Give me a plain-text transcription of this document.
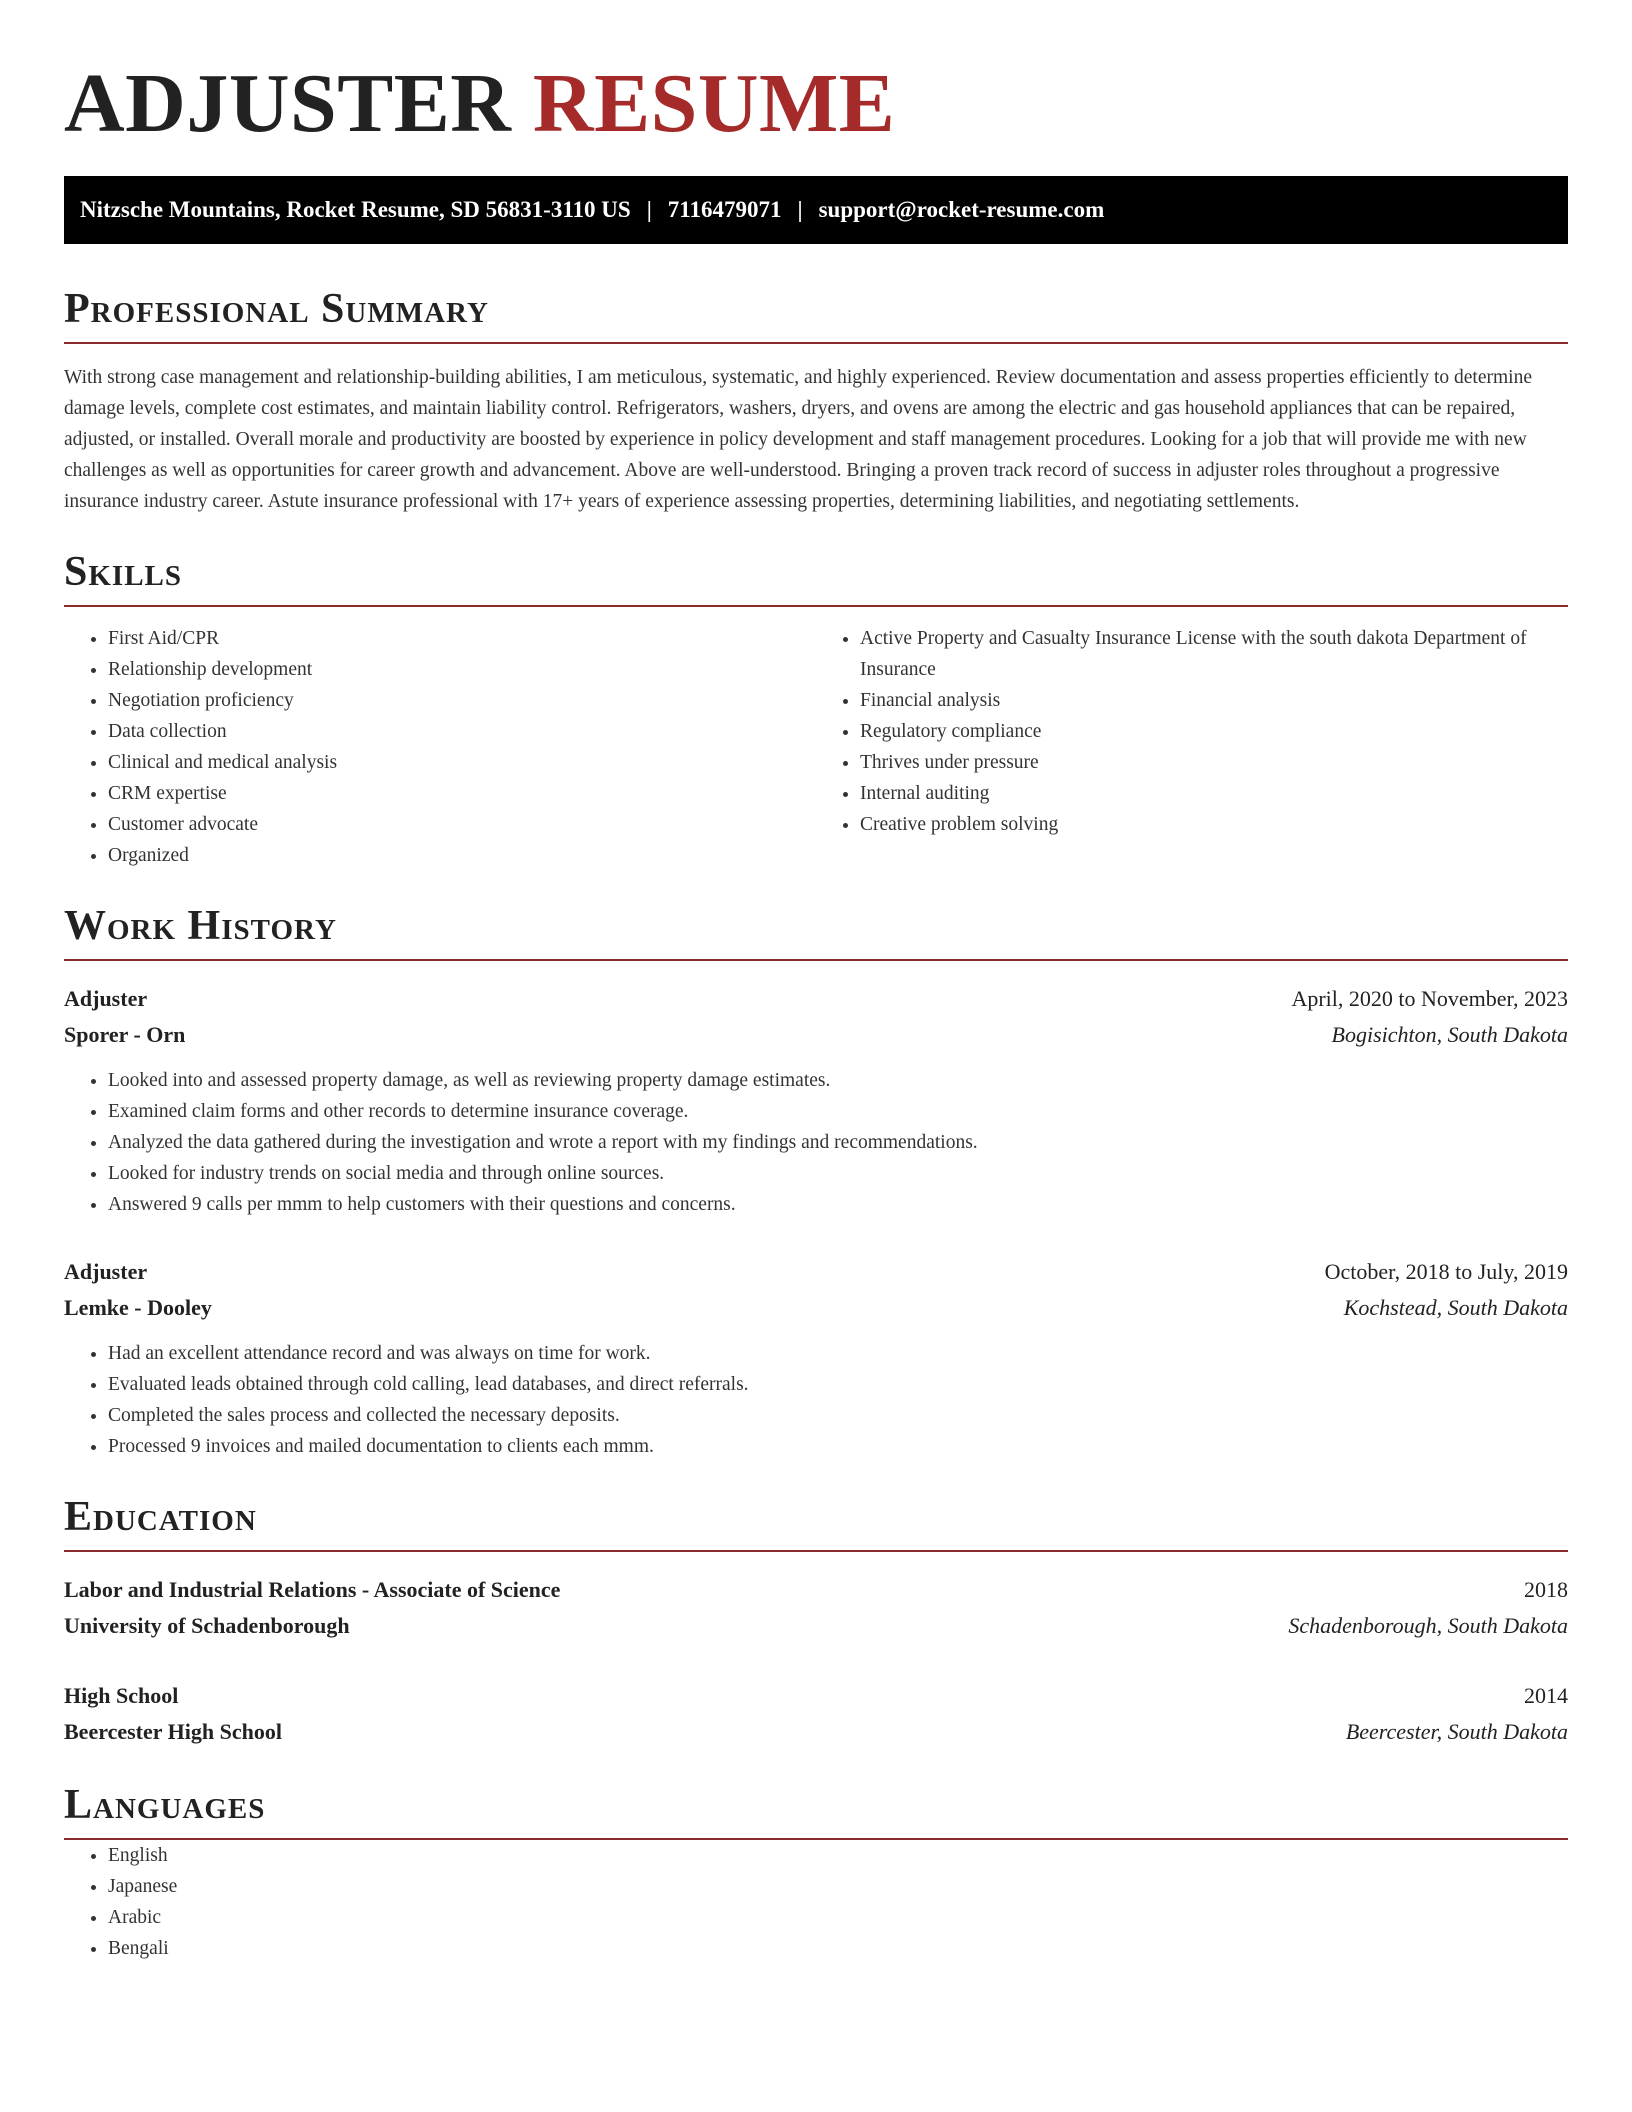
ADJUSTER RESUME
Nitzsche Mountains, Rocket Resume, SD 56831-3110 US | 7116479071 | support@rocket-resume.com
Professional Summary

With strong case management and relationship-building abilities, I am meticulous, systematic, and highly experienced. Review documentation and assess properties efficiently to determine damage levels, complete cost estimates, and maintain liability control. Refrigerators, washers, dryers, and ovens are among the electric and gas household appliances that can be repaired, adjusted, or installed. Overall morale and productivity are boosted by experience in policy development and staff management procedures. Looking for a job that will provide me with new challenges as well as opportunities for career growth and advancement. Above are well-understood. Bringing a proven track record of success in adjuster roles throughout a progressive insurance industry career. Astute insurance professional with 17+ years of experience assessing properties, determining liabilities, and negotiating settlements.

Skills
• First Aid/CPR
• Relationship development
• Negotiation proficiency
• Data collection
• Clinical and medical analysis
• CRM expertise
• Customer advocate
• Organized
• Active Property and Casualty Insurance License with the south dakota Department of Insurance
• Financial analysis
• Regulatory compliance
• Thrives under pressure
• Internal auditing
• Creative problem solving
Work History
Adjuster	April, 2020 to November, 2023
Sporer - Orn	Bogisichton, South Dakota
• Looked into and assessed property damage, as well as reviewing property damage estimates.
• Examined claim forms and other records to determine insurance coverage.
• Analyzed the data gathered during the investigation and wrote a report with my findings and recommendations.
• Looked for industry trends on social media and through online sources.
• Answered 9 calls per mmm to help customers with their questions and concerns.
Adjuster	October, 2018 to July, 2019
Lemke - Dooley	Kochstead, South Dakota
• Had an excellent attendance record and was always on time for work.
• Evaluated leads obtained through cold calling, lead databases, and direct referrals.
• Completed the sales process and collected the necessary deposits.
• Processed 9 invoices and mailed documentation to clients each mmm.
Education
Labor and Industrial Relations - Associate of Science	2018
University of Schadenborough	Schadenborough, South Dakota
High School	2014
Beercester High School	Beercester, South Dakota
Languages
• English
• Japanese
• Arabic
• Bengali
